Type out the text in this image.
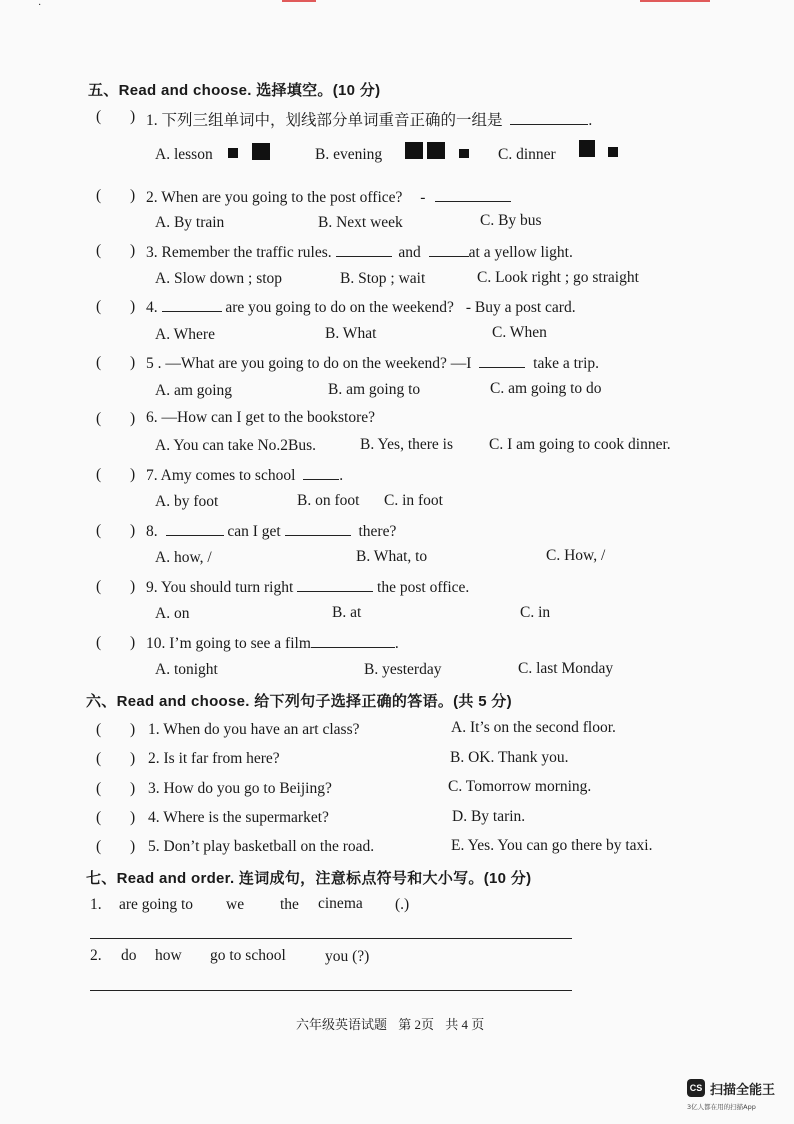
·
五、Read and choose. 选择填空。(10 分)
( ) 1. 下列三组单词中，划线部分单词重音正确的一组是	.
A. lesson	B. evening	C. dinner
( ) 2. When are you going to the post office? -
A. By train	B. Next week	C. By bus
( ) 3. Remember the traffic rules.	and	at a yellow light.
A. Slow down ; stop	B. Stop ; wait	C. Look right ; go straight
( ) 4.	are you going to do on the weekend? - Buy a post card.
A. Where	B. What	C. When
( ) 5 . —What are you going to do on the weekend? —I	take a trip.
A. am going	B. am going to	C. am going to do
( ) 6. —How can I get to the bookstore?
A. You can take No.2Bus.	B. Yes, there is C. I am going to cook dinner.
( ) 7. Amy comes to school	.
A. by foot	B. on foot C. in foot
( ) 8.	can I get	there?
A. how, /	B. What, to	C. How, /
( ) 9. You should turn right	the post office.
A. on	B. at	C. in
( ) 10. I’m going to see a film	.
A. tonight	B. yesterday	C. last Monday
六、Read and choose. 给下列句子选择正确的答语。(共 5 分)
( ) 1. When do you have an art class?	A. It’s on the second floor.
( ) 2. Is it far from here?	B. OK. Thank you.
( ) 3. How do you go to Beijing?	C. Tomorrow morning.
( ) 4. Where is the supermarket?	D. By tarin.
( ) 5. Don’t play basketball on the road.	E. Yes. You can go there by taxi.
七、Read and order. 连词成句，注意标点符号和大小写。(10 分)
1. are going to we the cinema (.)
2. do how go to school	you (?)
六年级英语试题 第 2页 共 4 页
CS 扫描全能王
3亿人都在用的扫描App
